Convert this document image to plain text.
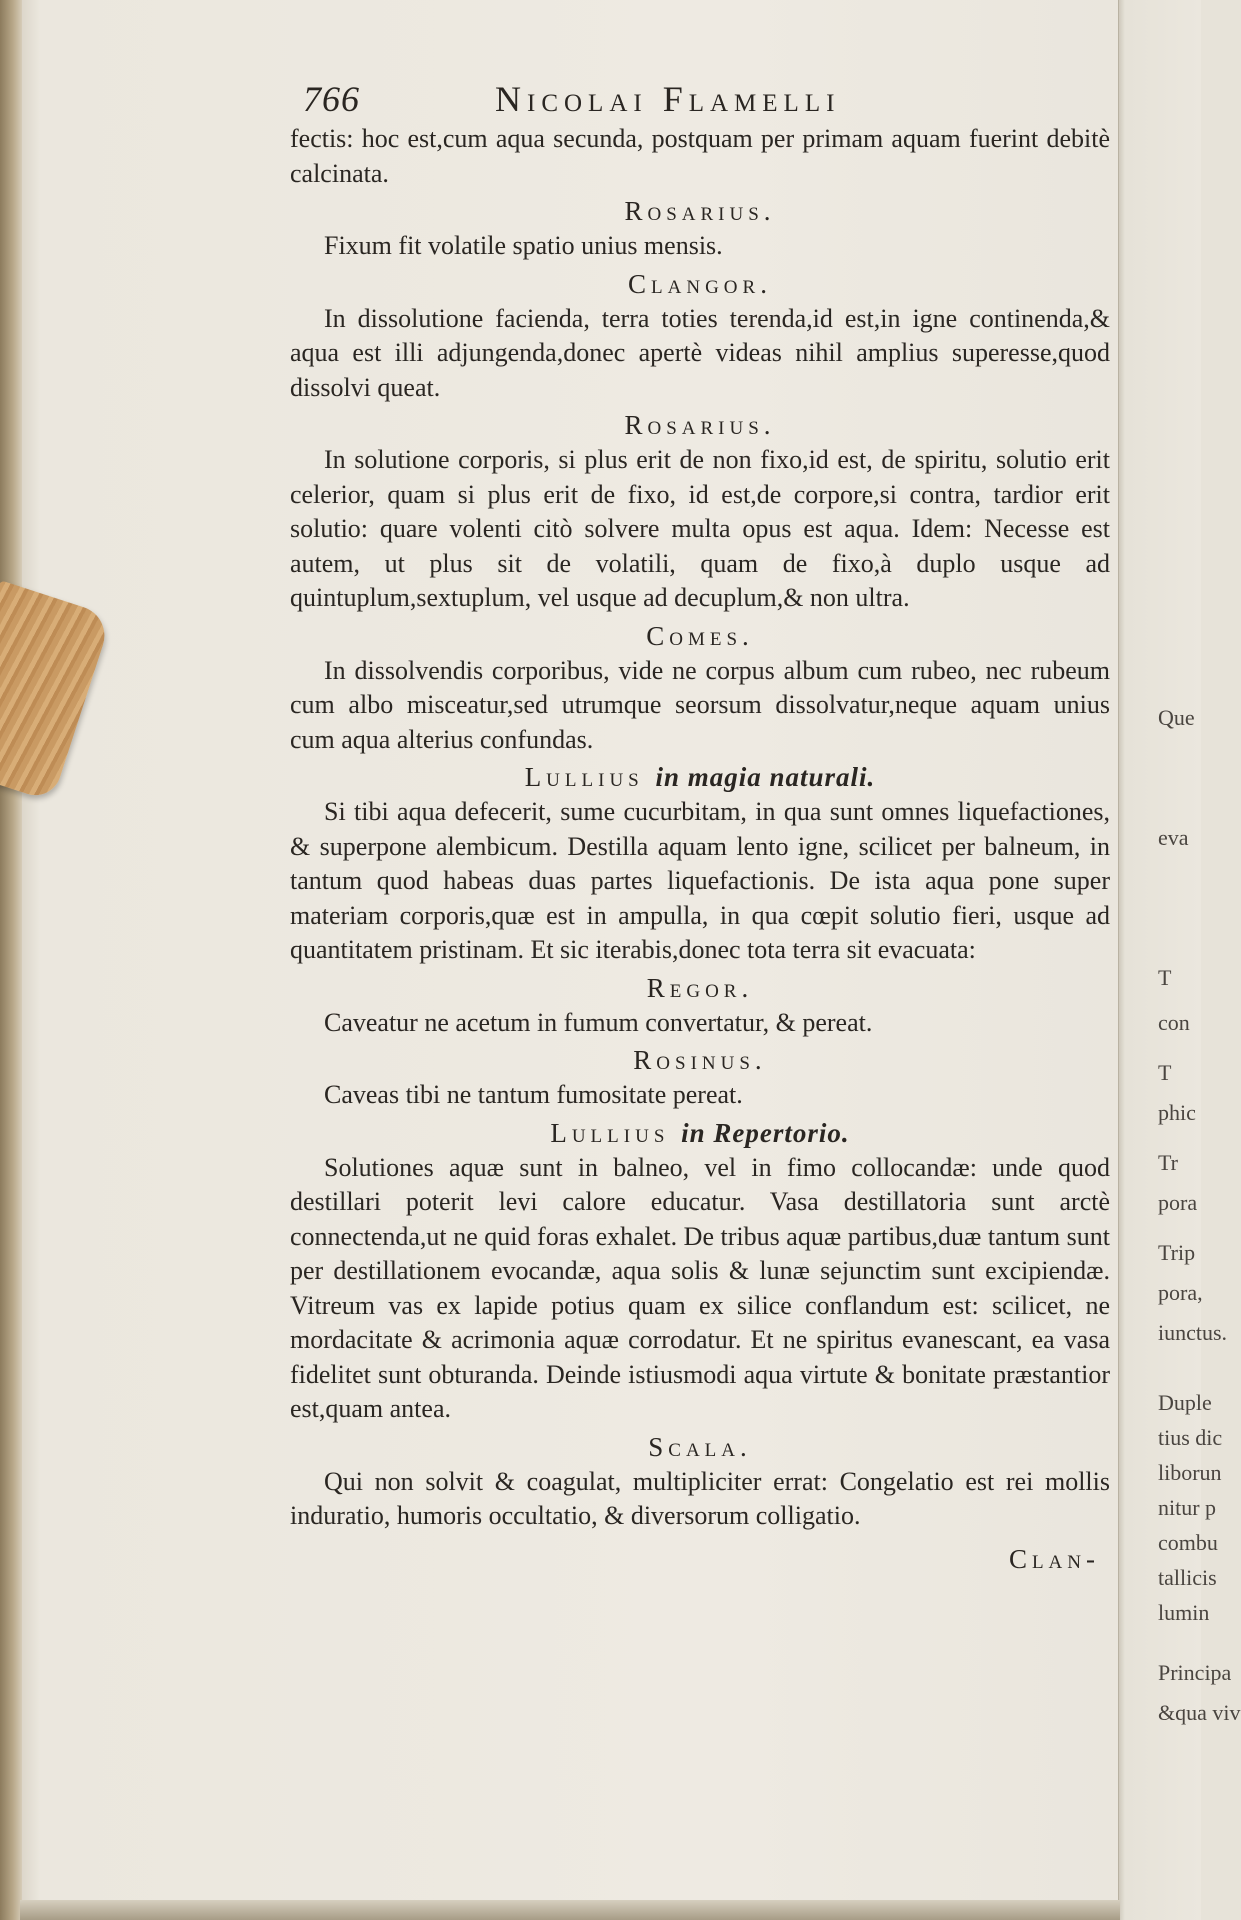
Que
eva
T
con
T
phic
Tr
pora
Trip
pora,
iunctus.
Duple
tius dic
liborun
nitur p
combu
tallicis
lumin
Principa
&qua viv
766	Nicolai Flamelli

fectis: hoc est,cum aqua secunda, postquam per primam aquam fuerint debitè calcinata.

Rosarius.

Fixum fit volatile spatio unius mensis.

Clangor.

In dissolutione facienda, terra toties terenda,id est,in igne continenda,& aqua est illi adjungenda,donec apertè videas nihil amplius superesse,quod dissolvi queat.

Rosarius.

In solutione corporis, si plus erit de non fixo,id est, de spiritu, solutio erit celerior, quam si plus erit de fixo, id est,de corpore,si contra, tardior erit solutio: quare volenti citò solvere multa opus est aqua. Idem: Necesse est autem, ut plus sit de volatili, quam de fixo,à duplo usque ad quintuplum,sextuplum, vel usque ad decuplum,& non ultra.

Comes.

In dissolvendis corporibus, vide ne corpus album cum rubeo, nec rubeum cum albo misceatur,sed utrumque seorsum dissolvatur,neque aquam unius cum aqua alterius confundas.

Lullius in magia naturali.

Si tibi aqua defecerit, sume cucurbitam, in qua sunt omnes liquefactiones, & superpone alembicum. Destilla aquam lento igne, scilicet per balneum, in tantum quod habeas duas partes liquefactionis. De ista aqua pone super materiam corporis,quæ est in ampulla, in qua cœpit solutio fieri, usque ad quantitatem pristinam. Et sic iterabis,donec tota terra sit evacuata:

Regor.

Caveatur ne acetum in fumum convertatur, & pereat.

Rosinus.

Caveas tibi ne tantum fumositate pereat.

Lullius in Repertorio.

Solutiones aquæ sunt in balneo, vel in fimo collocandæ: unde quod destillari poterit levi calore educatur. Vasa destillatoria sunt arctè connectenda,ut ne quid foras exhalet. De tribus aquæ partibus,duæ tantum sunt per destillationem evocandæ, aqua solis & lunæ sejunctim sunt excipiendæ. Vitreum vas ex lapide potius quam ex silice conflandum est: scilicet, ne mordacitate & acrimonia aquæ corrodatur. Et ne spiritus evanescant, ea vasa fidelitet sunt obturanda. Deinde istiusmodi aqua virtute & bonitate præstantior est,quam antea.

Scala.

Qui non solvit & coagulat, multipliciter errat: Congelatio est rei mollis induratio, humoris occultatio, & diversorum colligatio.

Clan-
